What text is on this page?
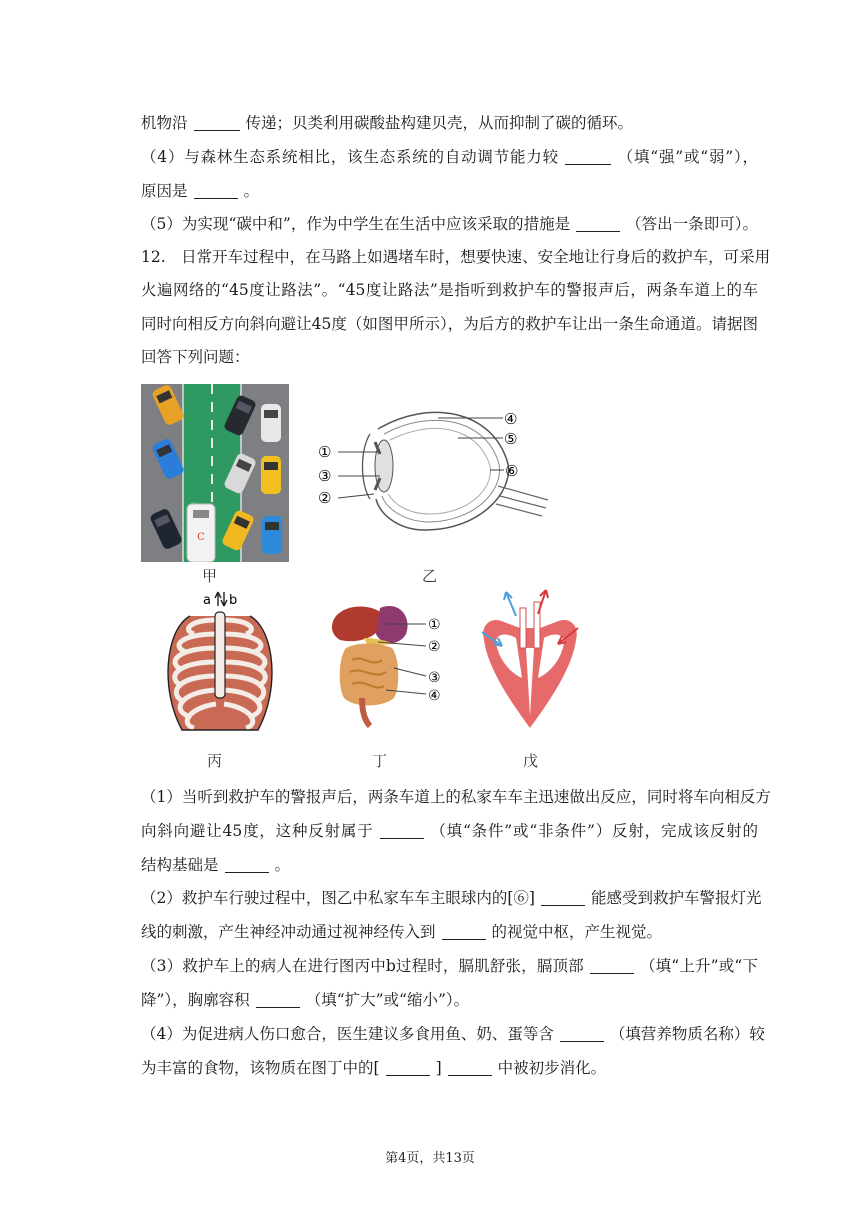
机物沿	传递；贝类利用碳酸盐构建贝壳，从而抑制了碳的循环。
（4）与森林生态系统相比，该生态系统的自动调节能力较	（填“强”或“弱”），
原因是	。
（5）为实现“碳中和”，作为中学生在生活中应该采取的措施是	（答出一条即可）。
12.　日常开车过程中，在马路上如遇堵车时，想要快速、安全地让行身后的救护车，可采用
火遍网络的“45度让路法”。“45度让路法”是指听到救护车的警报声后，两条车道上的车
同时向相反方向斜向避让45度（如图甲所示），为后方的救护车让出一条生命通道。请据图
回答下列问题：
C
甲
④
⑤
⑥
①
③
②
乙
a b
丙
①
②
③
④
丁	戊
（1）当听到救护车的警报声后，两条车道上的私家车车主迅速做出反应，同时将车向相反方
向斜向避让45度，这种反射属于	（填“条件”或“非条件”）反射，完成该反射的
结构基础是	。
（2）救护车行驶过程中，图乙中私家车车主眼球内的[⑥]	能感受到救护车警报灯光
线的刺激，产生神经冲动通过视神经传入到	的视觉中枢，产生视觉。
（3）救护车上的病人在进行图丙中b过程时，膈肌舒张，膈顶部	（填“上升”或“下
降”），胸廓容积	（填“扩大”或“缩小”）。
（4）为促进病人伤口愈合，医生建议多食用鱼、奶、蛋等含	（填营养物质名称）较
为丰富的食物，该物质在图丁中的[	]	中被初步消化。
第4页，共13页
